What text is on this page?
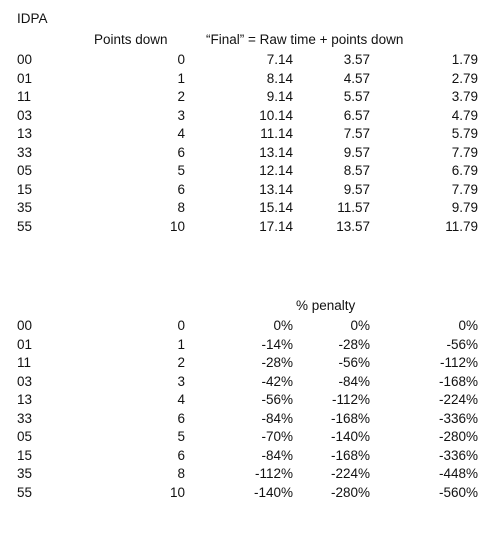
IDPA
Points down	“Final” = Raw time + points down
00	0	7.14	3.57	1.79
01	1	8.14	4.57	2.79
11	2	9.14	5.57	3.79
03	3	10.14	6.57	4.79
13	4	11.14	7.57	5.79
33	6	13.14	9.57	7.79
05	5	12.14	8.57	6.79
15	6	13.14	9.57	7.79
35	8	15.14	11.57	9.79
55	10	17.14	13.57	11.79
% penalty
00	0	0%	0%	0%
01	1	-14%	-28%	-56%
11	2	-28%	-56%	-112%
03	3	-42%	-84%	-168%
13	4	-56%	-112%	-224%
33	6	-84%	-168%	-336%
05	5	-70%	-140%	-280%
15	6	-84%	-168%	-336%
35	8	-112%	-224%	-448%
55	10	-140%	-280%	-560%
